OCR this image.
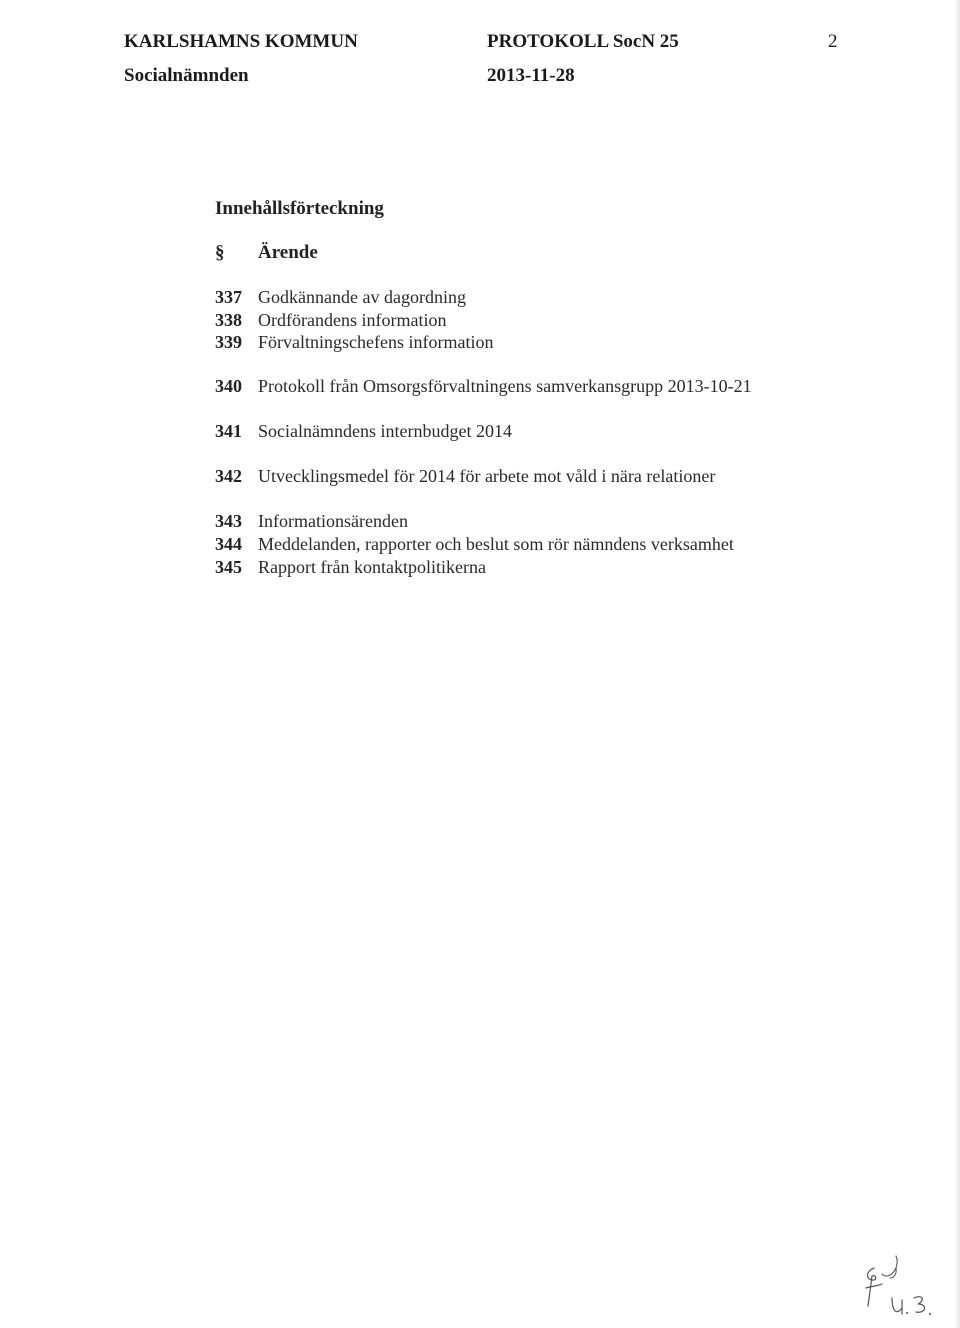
KARLSHAMNS KOMMUN
Socialnämnden
PROTOKOLL SocN 25
2013-11-28
2
Innehållsförteckning
§ Ärende
337 Godkännande av dagordning
338 Ordförandens information
339 Förvaltningschefens information
340 Protokoll från Omsorgsförvaltningens samverkansgrupp 2013-10-21
341 Socialnämndens internbudget 2014
342 Utvecklingsmedel för 2014 för arbete mot våld i nära relationer
343 Informationsärenden
344 Meddelanden, rapporter och beslut som rör nämndens verksamhet
345 Rapport från kontaktpolitikerna
